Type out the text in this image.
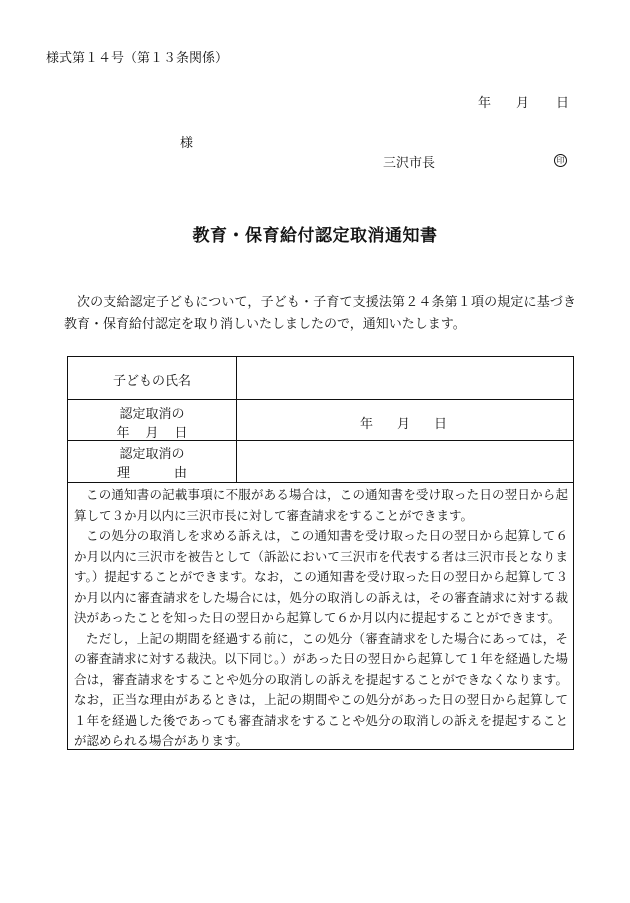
様式第１４号（第１３条関係）
年 月 日
様
三沢市長	印
教育・保育給付認定取消通知書
次の支給認定子どもについて，子ども・子育て支援法第２４条第１項の規定に基づき教育・保育給付認定を取り消しいたしましたので，通知いたします。
子どもの氏名
認定取消の
年 月 日
年 月 日
認定取消の
理	由

この通知書の記載事項に不服がある場合は，この通知書を受け取った日の翌日から起算して３か月以内に三沢市長に対して審査請求をすることができます。

この処分の取消しを求める訴えは，この通知書を受け取った日の翌日から起算して６か月以内に三沢市を被告として（訴訟において三沢市を代表する者は三沢市長となります。）提起することができます。なお，この通知書を受け取った日の翌日から起算して３か月以内に審査請求をした場合には，処分の取消しの訴えは，その審査請求に対する裁決があったことを知った日の翌日から起算して６か月以内に提起することができます。

ただし，上記の期間を経過する前に，この処分（審査請求をした場合にあっては，その審査請求に対する裁決。以下同じ。）があった日の翌日から起算して１年を経過した場合は，審査請求をすることや処分の取消しの訴えを提起することができなくなります。なお，正当な理由があるときは，上記の期間やこの処分があった日の翌日から起算して１年を経過した後であっても審査請求をすることや処分の取消しの訴えを提起することが認められる場合があります。
